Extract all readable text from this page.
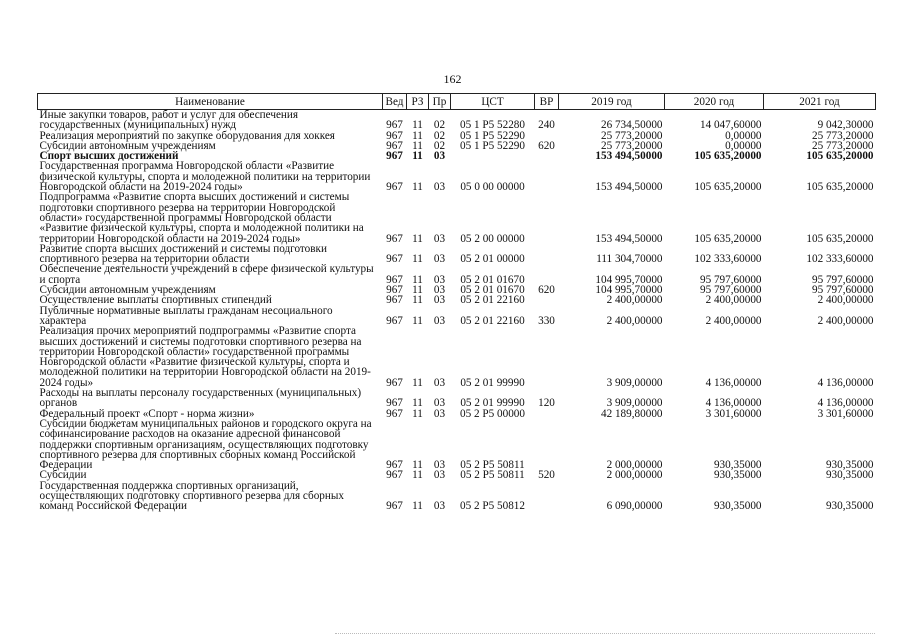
162
Наименование	Вед	РЗ	Пр	ЦСТ	ВР	2019 год	2020 год	2021 год
Иные закупки товаров, работ и услуг для обеспечения государственных (муниципальных) нужд	967	11	02	05 1 P5 52280	240	26 734,50000	14 047,60000	9 042,30000
Реализация мероприятий по закупке оборудования для хоккея	967	11	02	05 1 P5 52290		25 773,20000	0,00000	25 773,20000
Субсидии автономным учреждениям	967	11	02	05 1 P5 52290	620	25 773,20000	0,00000	25 773,20000
Спорт высших достижений	967	11	03			153 494,50000	105 635,20000	105 635,20000
Государственная программа Новгородской области «Развитие физической культуры, спорта и молодежной политики на территории Новгородской области на 2019-2024 годы»	967	11	03	05 0 00 00000		153 494,50000	105 635,20000	105 635,20000
Подпрограмма «Развитие спорта высших достижений и системы подготовки спортивного резерва на территории Новгородской области» государственной программы Новгородской области «Развитие физической культуры, спорта и молодежной политики на территории Новгородской области на 2019-2024 годы»	967	11	03	05 2 00 00000		153 494,50000	105 635,20000	105 635,20000
Развитие спорта высших достижений и системы подготовки спортивного резерва на территории области	967	11	03	05 2 01 00000		111 304,70000	102 333,60000	102 333,60000
Обеспечение деятельности учреждений в сфере физической культуры и спорта	967	11	03	05 2 01 01670		104 995,70000	95 797,60000	95 797,60000
Субсидии автономным учреждениям	967	11	03	05 2 01 01670	620	104 995,70000	95 797,60000	95 797,60000
Осуществление выплаты спортивных стипендий	967	11	03	05 2 01 22160		2 400,00000	2 400,00000	2 400,00000
Публичные нормативные выплаты гражданам несоциального характера	967	11	03	05 2 01 22160	330	2 400,00000	2 400,00000	2 400,00000
Реализация прочих мероприятий подпрограммы «Развитие спорта высших достижений и системы подготовки спортивного резерва на территории Новгородской области» государственной программы Новгородской области «Развитие физической культуры, спорта и молодежной политики на территории Новгородской области на 2019-2024 годы»	967	11	03	05 2 01 99990		3 909,00000	4 136,00000	4 136,00000
Расходы на выплаты персоналу государственных (муниципальных) органов	967	11	03	05 2 01 99990	120	3 909,00000	4 136,00000	4 136,00000
Федеральный проект «Спорт - норма жизни»	967	11	03	05 2 P5 00000		42 189,80000	3 301,60000	3 301,60000
Субсидии бюджетам муниципальных районов и городского округа на софинансирование расходов на оказание адресной финансовой поддержки спортивным организациям, осуществляющих подготовку спортивного резерва для спортивных сборных команд Российской Федерации	967	11	03	05 2 P5 50811		2 000,00000	930,35000	930,35000
Субсидии	967	11	03	05 2 P5 50811	520	2 000,00000	930,35000	930,35000
Государственная поддержка спортивных организаций, осуществляющих подготовку спортивного резерва для сборных команд Российской Федерации	967	11	03	05 2 P5 50812		6 090,00000	930,35000	930,35000
